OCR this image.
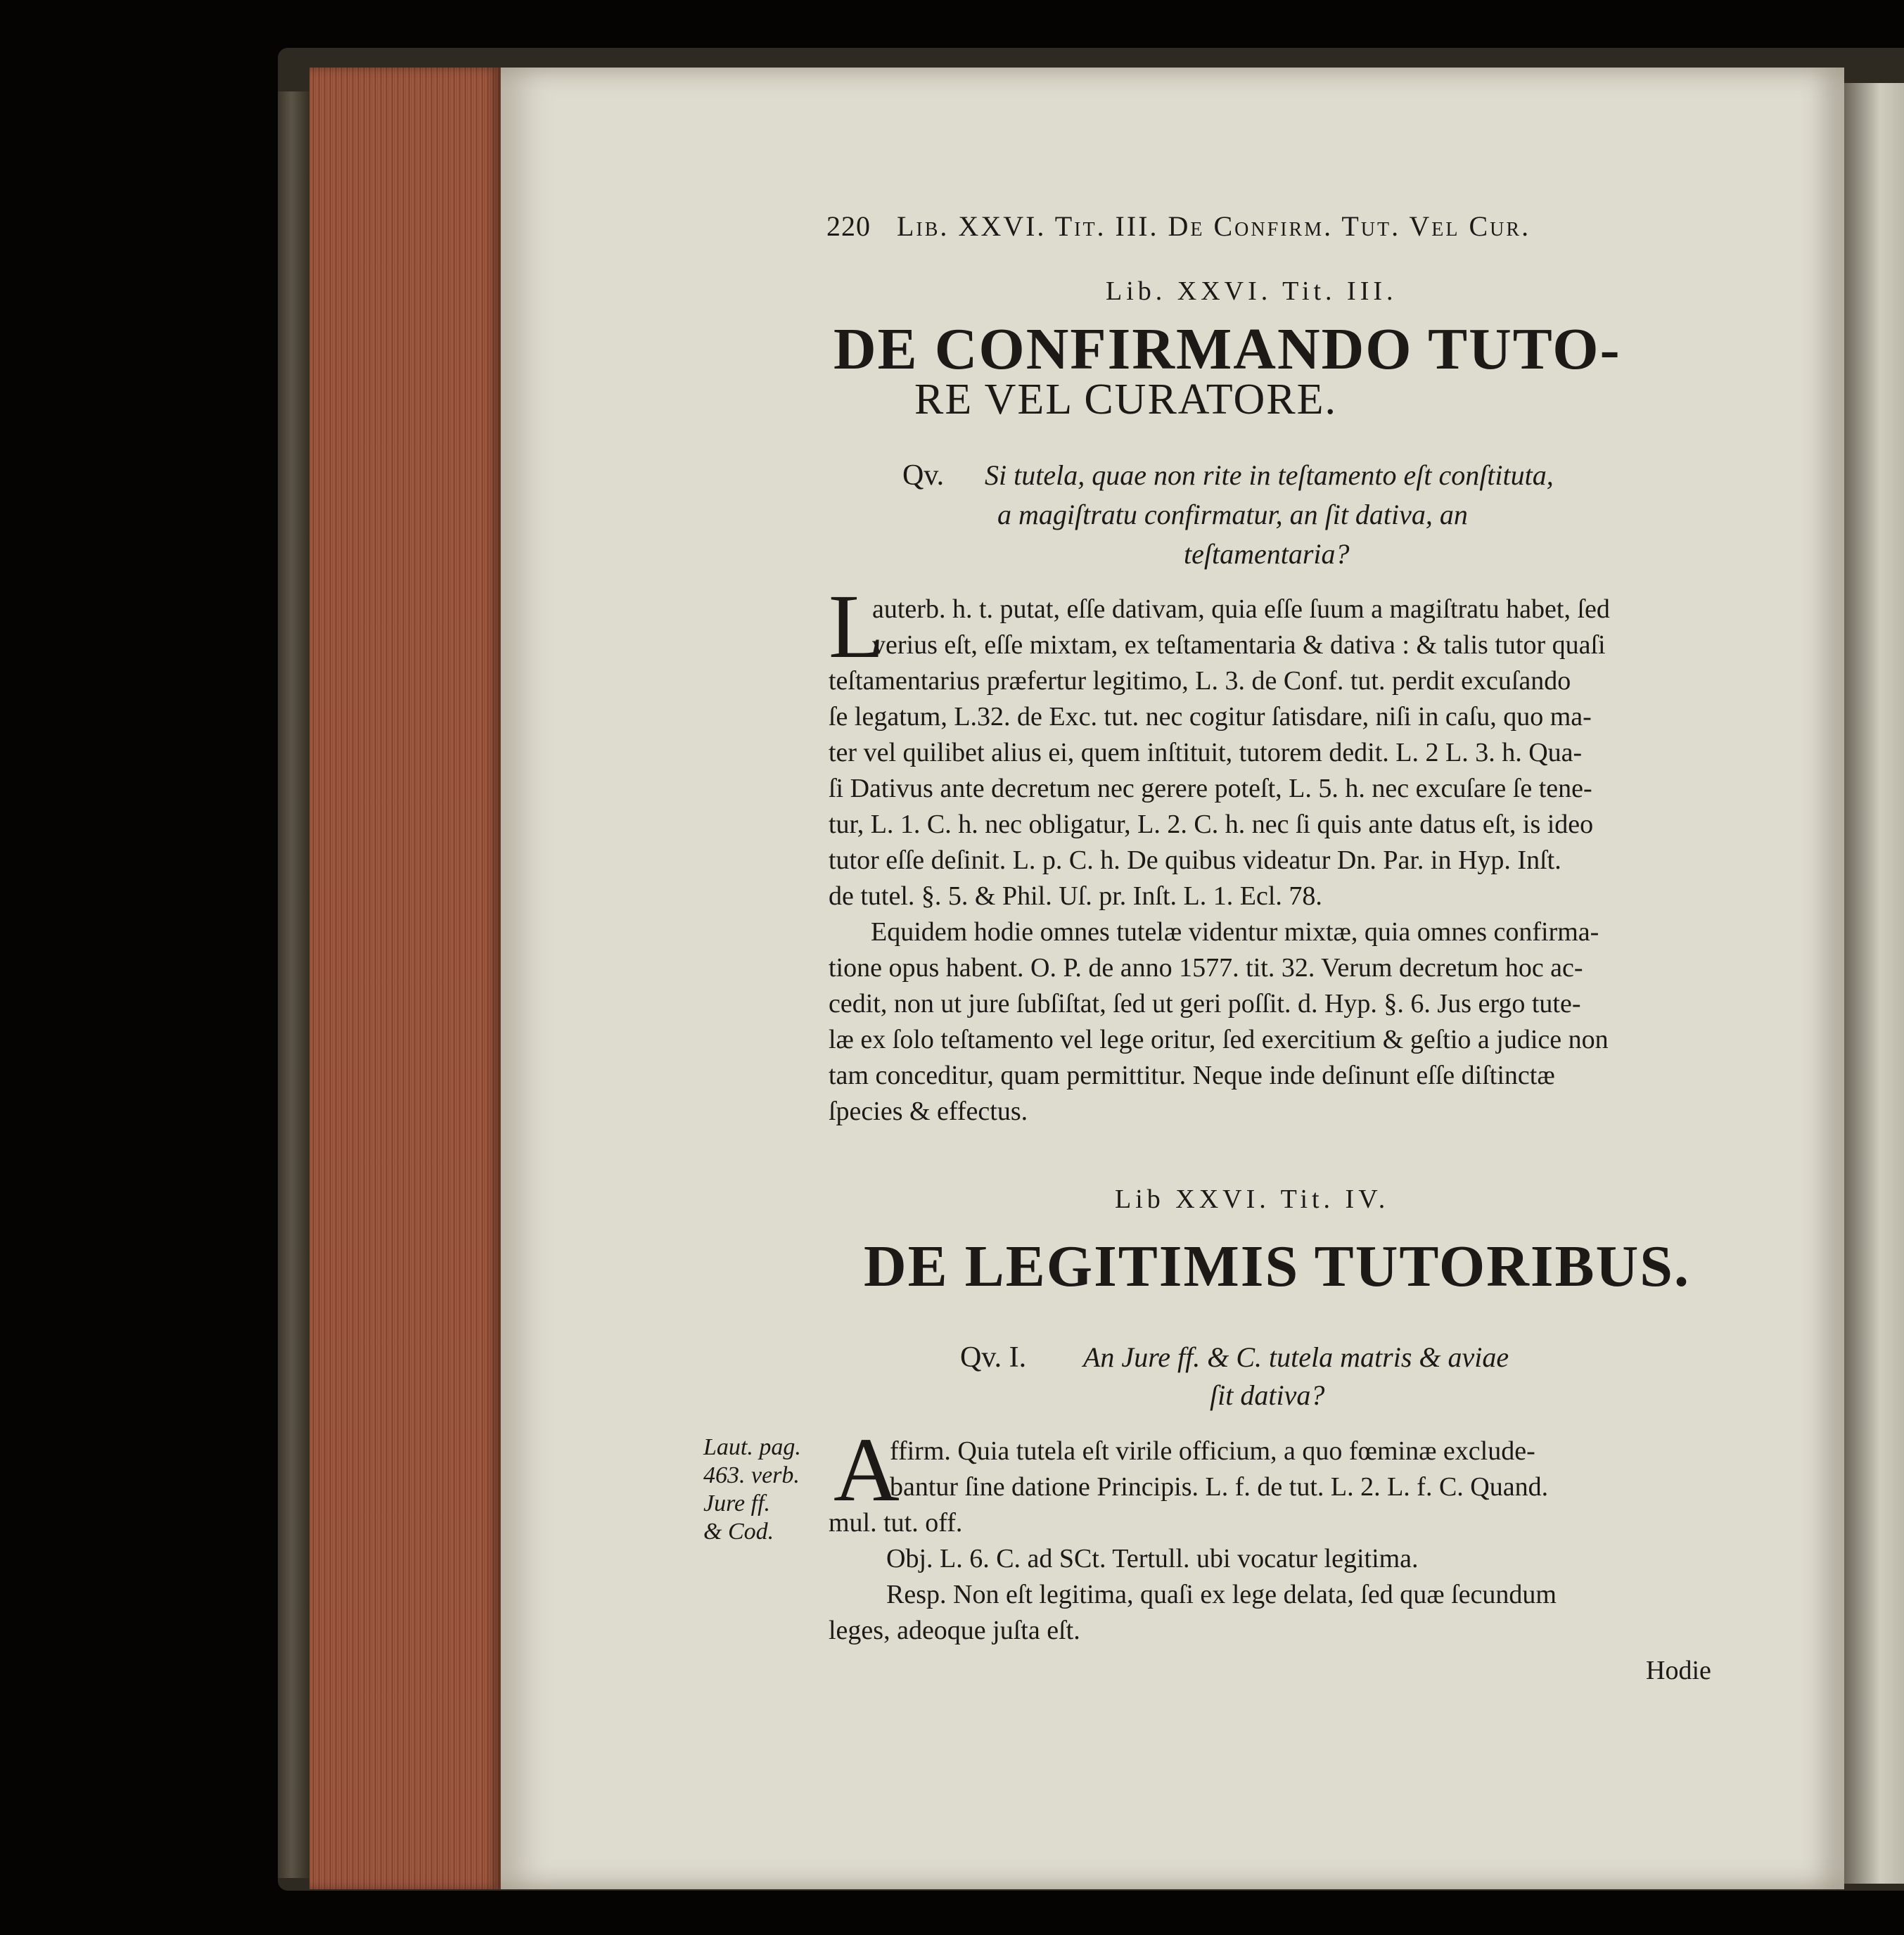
220 Lib. XXVI. Tit. III. De Confirm. Tut. Vel Cur.
Lib. XXVI. Tit. III.
DE CONFIRMANDO TUTO-
RE VEL CURATORE.
Qv. Si tutela, quae non rite in teſtamento eſt conſtituta,
a magiſtratu confirmatur, an ſit dativa, an
teſtamentaria?
L
auterb. h. t. putat, eſſe dativam, quia eſſe ſuum a magiſtratu habet, ſed
verius eſt, eſſe mixtam, ex teſtamentaria & dativa : & talis tutor quaſi
teſtamentarius præfertur legitimo, L. 3. de Conf. tut. perdit excuſando
ſe legatum, L.32. de Exc. tut. nec cogitur ſatisdare, niſi in caſu, quo ma-
ter vel quilibet alius ei, quem inſtituit, tutorem dedit. L. 2 L. 3. h. Qua-
ſi Dativus ante decretum nec gerere poteſt, L. 5. h. nec excuſare ſe tene-
tur, L. 1. C. h. nec obligatur, L. 2. C. h. nec ſi quis ante datus eſt, is ideo
tutor eſſe deſinit. L. p. C. h. De quibus videatur Dn. Par. in Hyp. Inſt.
de tutel. §. 5. & Phil. Uſ. pr. Inſt. L. 1. Ecl. 78.
Equidem hodie omnes tutelæ videntur mixtæ, quia omnes confirma-
tione opus habent. O. P. de anno 1577. tit. 32. Verum decretum hoc ac-
cedit, non ut jure ſubſiſtat, ſed ut geri poſſit. d. Hyp. §. 6. Jus ergo tute-
læ ex ſolo teſtamento vel lege oritur, ſed exercitium & geſtio a judice non
tam conceditur, quam permittitur. Neque inde deſinunt eſſe diſtinctæ
ſpecies & effectus.
Lib XXVI. Tit. IV.
DE LEGITIMIS TUTORIBUS.
Qv. I. An Jure ff. & C. tutela matris & aviae
ſit dativa?
Laut. pag.
463. verb.
Jure ff.
& Cod.
A
ffirm. Quia tutela eſt virile officium, a quo fœminæ exclude-
bantur ſine datione Principis. L. f. de tut. L. 2. L. f. C. Quand.
mul. tut. off.
Obj. L. 6. C. ad SCt. Tertull. ubi vocatur legitima.
Resp. Non eſt legitima, quaſi ex lege delata, ſed quæ ſecundum
leges, adeoque juſta eſt.
Hodie
